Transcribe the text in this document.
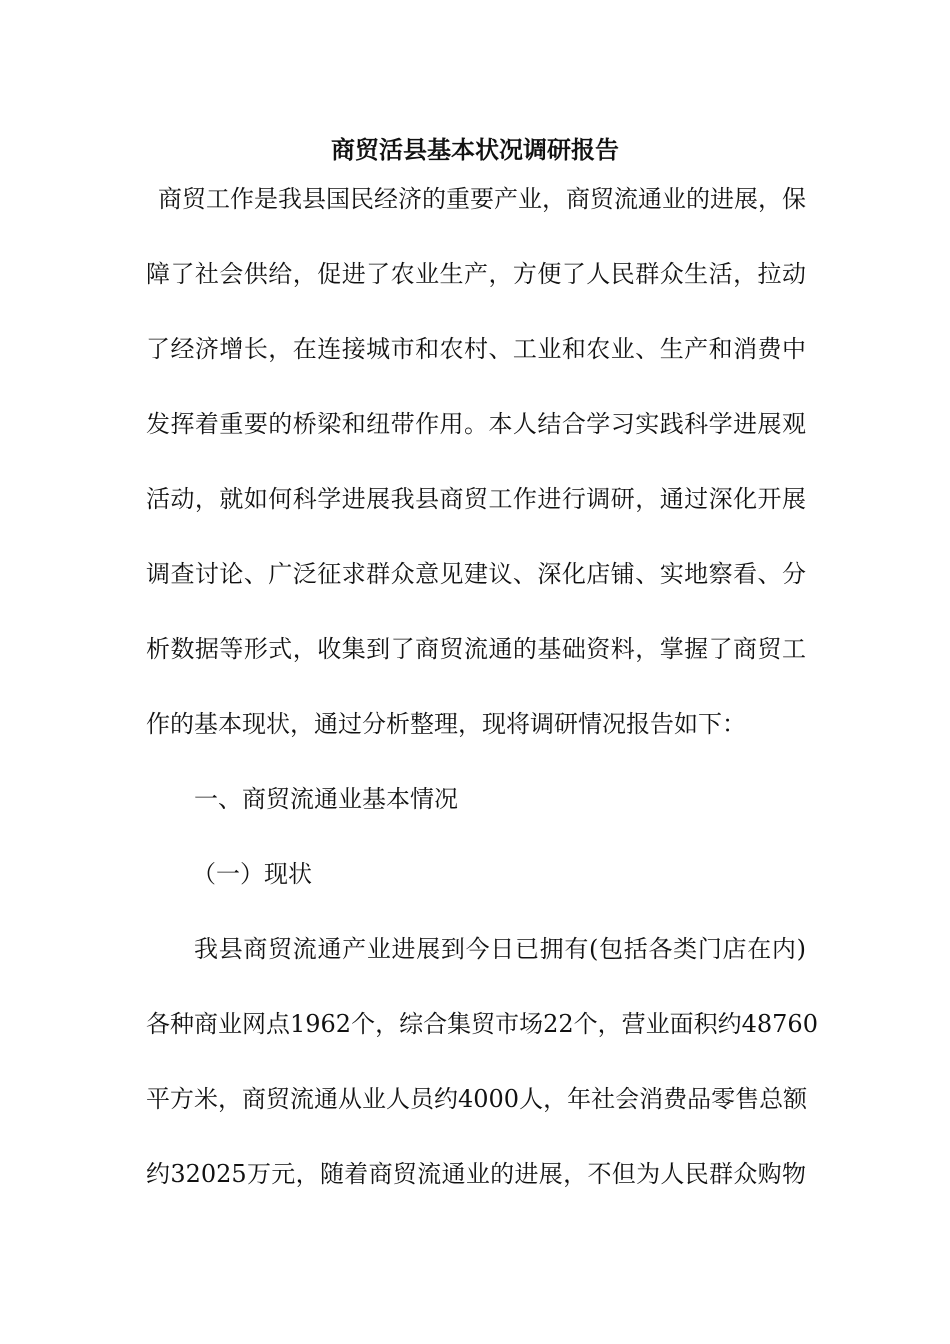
商贸活县基本状况调研报告
商贸工作是我县国民经济的重要产业，商贸流通业的进展，保
障了社会供给，促进了农业生产，方便了人民群众生活，拉动
了经济增长，在连接城市和农村、工业和农业、生产和消费中
发挥着重要的桥梁和纽带作用。本人结合学习实践科学进展观
活动，就如何科学进展我县商贸工作进行调研，通过深化开展
调查讨论、广泛征求群众意见建议、深化店铺、实地察看、分
析数据等形式，收集到了商贸流通的基础资料，掌握了商贸工
作的基本现状，通过分析整理，现将调研情况报告如下：
一、商贸流通业基本情况
（一）现状
我县商贸流通产业进展到今日已拥有(包括各类门店在内)
各种商业网点1962个，综合集贸市场22个，营业面积约48760
平方米，商贸流通从业人员约4000人，年社会消费品零售总额
约32025万元，随着商贸流通业的进展，不但为人民群众购物
